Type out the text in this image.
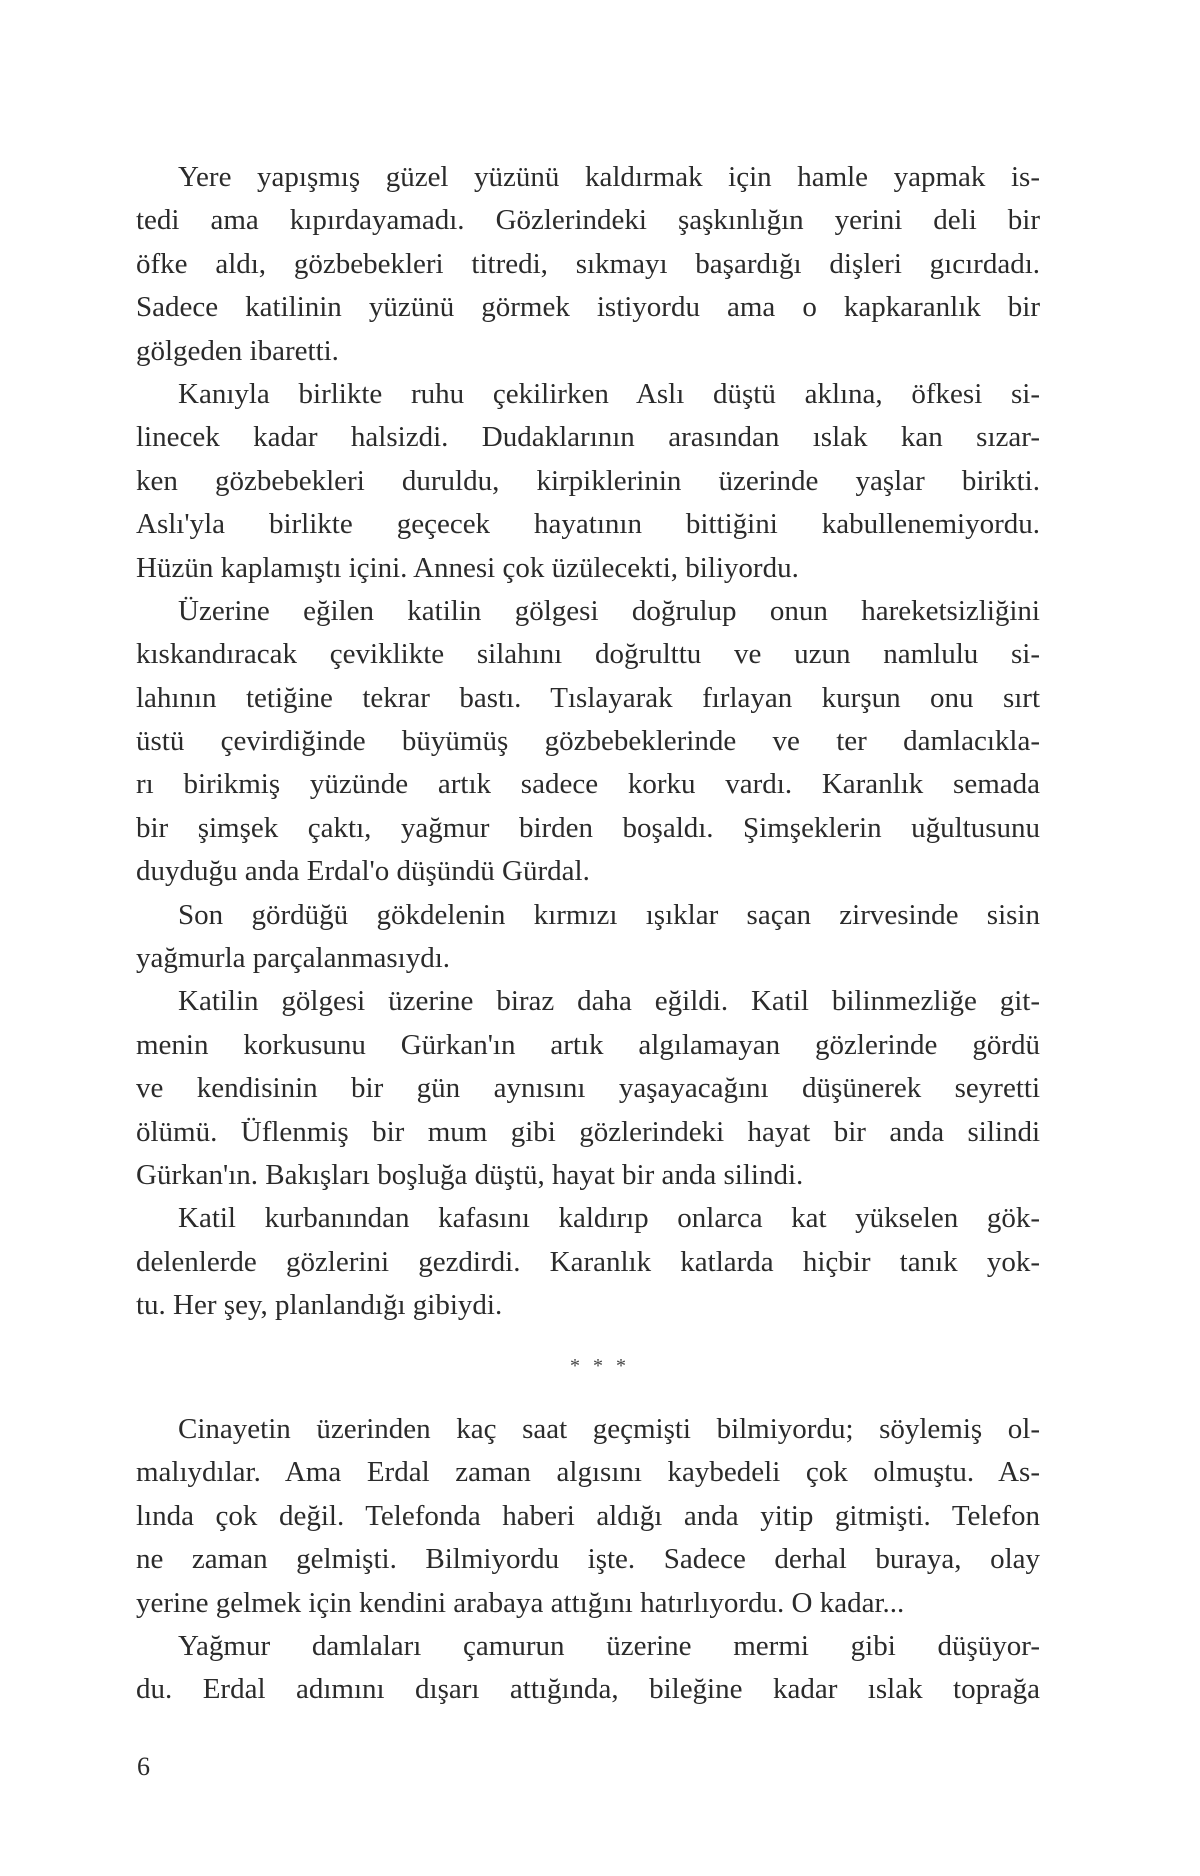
Yere yapışmış güzel yüzünü kaldırmak için hamle yapmak is-
tedi ama kıpırdayamadı. Gözlerindeki şaşkınlığın yerini deli bir
öfke aldı, gözbebekleri titredi, sıkmayı başardığı dişleri gıcırdadı.
Sadece katilinin yüzünü görmek istiyordu ama o kapkaranlık bir
gölgeden ibaretti.
Kanıyla birlikte ruhu çekilirken Aslı düştü aklına, öfkesi si-
linecek kadar halsizdi. Dudaklarının arasından ıslak kan sızar-
ken gözbebekleri duruldu, kirpiklerinin üzerinde yaşlar birikti.
Aslı'yla birlikte geçecek hayatının bittiğini kabullenemiyordu.
Hüzün kaplamıştı içini. Annesi çok üzülecekti, biliyordu.
Üzerine eğilen katilin gölgesi doğrulup onun hareketsizliğini
kıskandıracak çeviklikte silahını doğrulttu ve uzun namlulu si-
lahının tetiğine tekrar bastı. Tıslayarak fırlayan kurşun onu sırt
üstü çevirdiğinde büyümüş gözbebeklerinde ve ter damlacıkla-
rı birikmiş yüzünde artık sadece korku vardı. Karanlık semada
bir şimşek çaktı, yağmur birden boşaldı. Şimşeklerin uğultusunu
duyduğu anda Erdal'o düşündü Gürdal.
Son gördüğü gökdelenin kırmızı ışıklar saçan zirvesinde sisin
yağmurla parçalanmasıydı.
Katilin gölgesi üzerine biraz daha eğildi. Katil bilinmezliğe git-
menin korkusunu Gürkan'ın artık algılamayan gözlerinde gördü
ve kendisinin bir gün aynısını yaşayacağını düşünerek seyretti
ölümü. Üflenmiş bir mum gibi gözlerindeki hayat bir anda silindi
Gürkan'ın. Bakışları boşluğa düştü, hayat bir anda silindi.
Katil kurbanından kafasını kaldırıp onlarca kat yükselen gök-
delenlerde gözlerini gezdirdi. Karanlık katlarda hiçbir tanık yok-
tu. Her şey, planlandığı gibiydi.
* * *
Cinayetin üzerinden kaç saat geçmişti bilmiyordu; söylemiş ol-
malıydılar. Ama Erdal zaman algısını kaybedeli çok olmuştu. As-
lında çok değil. Telefonda haberi aldığı anda yitip gitmişti. Telefon
ne zaman gelmişti. Bilmiyordu işte. Sadece derhal buraya, olay
yerine gelmek için kendini arabaya attığını hatırlıyordu. O kadar...
Yağmur damlaları çamurun üzerine mermi gibi düşüyor-
du. Erdal adımını dışarı attığında, bileğine kadar ıslak toprağa
6
